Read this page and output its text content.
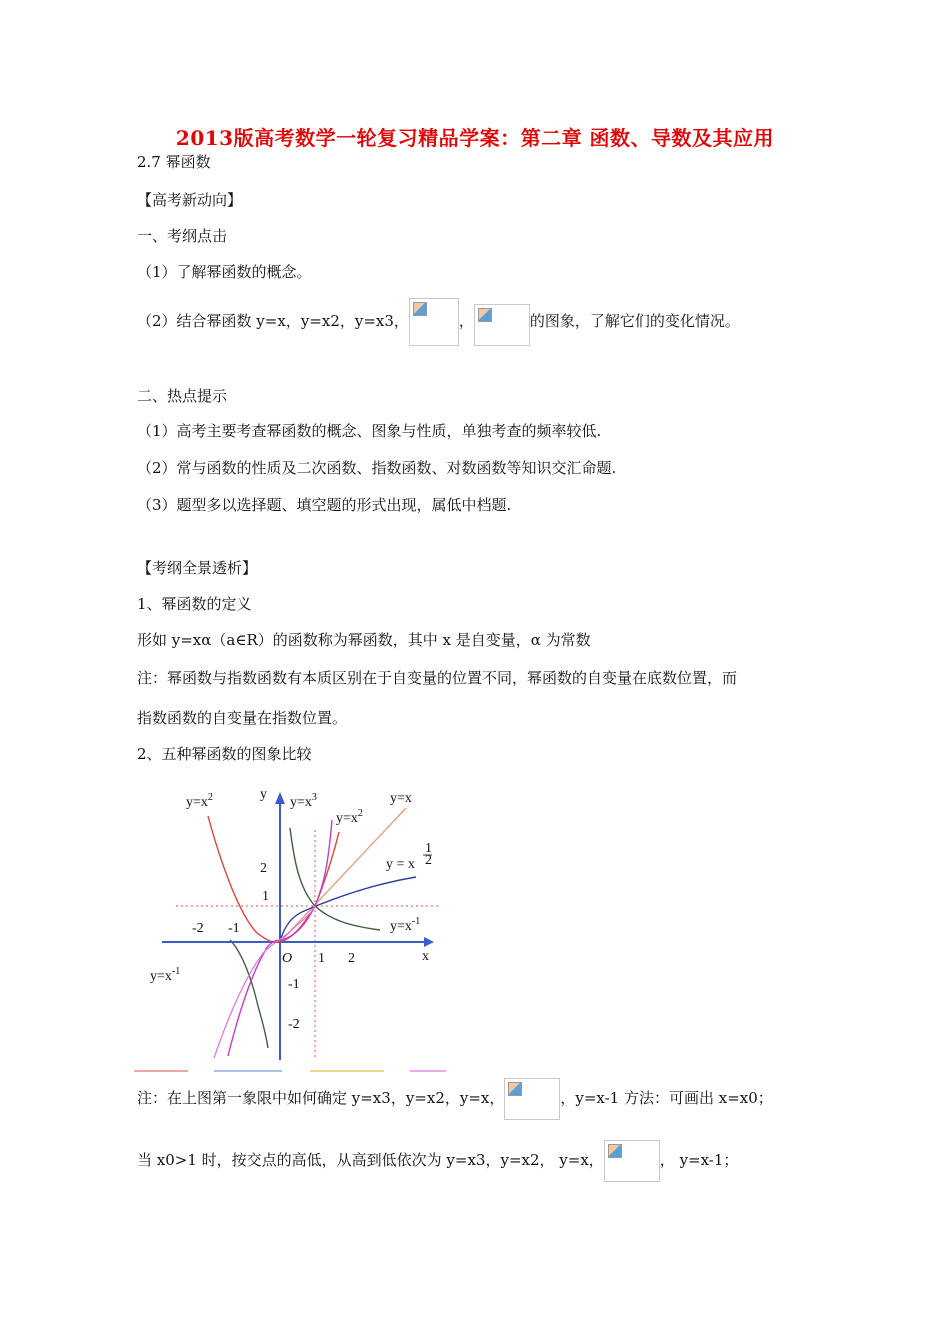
2013版高考数学一轮复习精品学案：第二章 函数、导数及其应用
2.7 幂函数
【高考新动向】
一、考纲点击
（1）了解幂函数的概念。
（2）结合幂函数 y=x，y=x2，y=x3，	，	的图象，了解它们的变化情况。
二、热点提示
（1）高考主要考查幂函数的概念、图象与性质，单独考查的频率较低.
（2）常与函数的性质及二次函数、指数函数、对数函数等知识交汇命题.
（3）题型多以选择题、填空题的形式出现，属低中档题.
【考纲全景透析】
1、幂函数的定义
形如 y=xα（a∈R）的函数称为幂函数，其中 x 是自变量，α 为常数
注：幂函数与指数函数有本质区别在于自变量的位置不同，幂函数的自变量在底数位置，而
指数函数的自变量在指数位置。
2、五种幂函数的图象比较
-2 -1
1 2
2
1
-1
-2
O	x
y
$y=x^2$	$y=x^3$
$y=x^2$
y=x
y = x
1
2
$y=x^{-1}$
$y=x^{-1}$
注：在上图第一象限中如何确定 y=x3，y=x2，y=x，	，y=x-1 方法：可画出 x=x0；
当 x0>1 时，按交点的高低，从高到低依次为 y=x3，y=x2， y=x，	， y=x-1；
